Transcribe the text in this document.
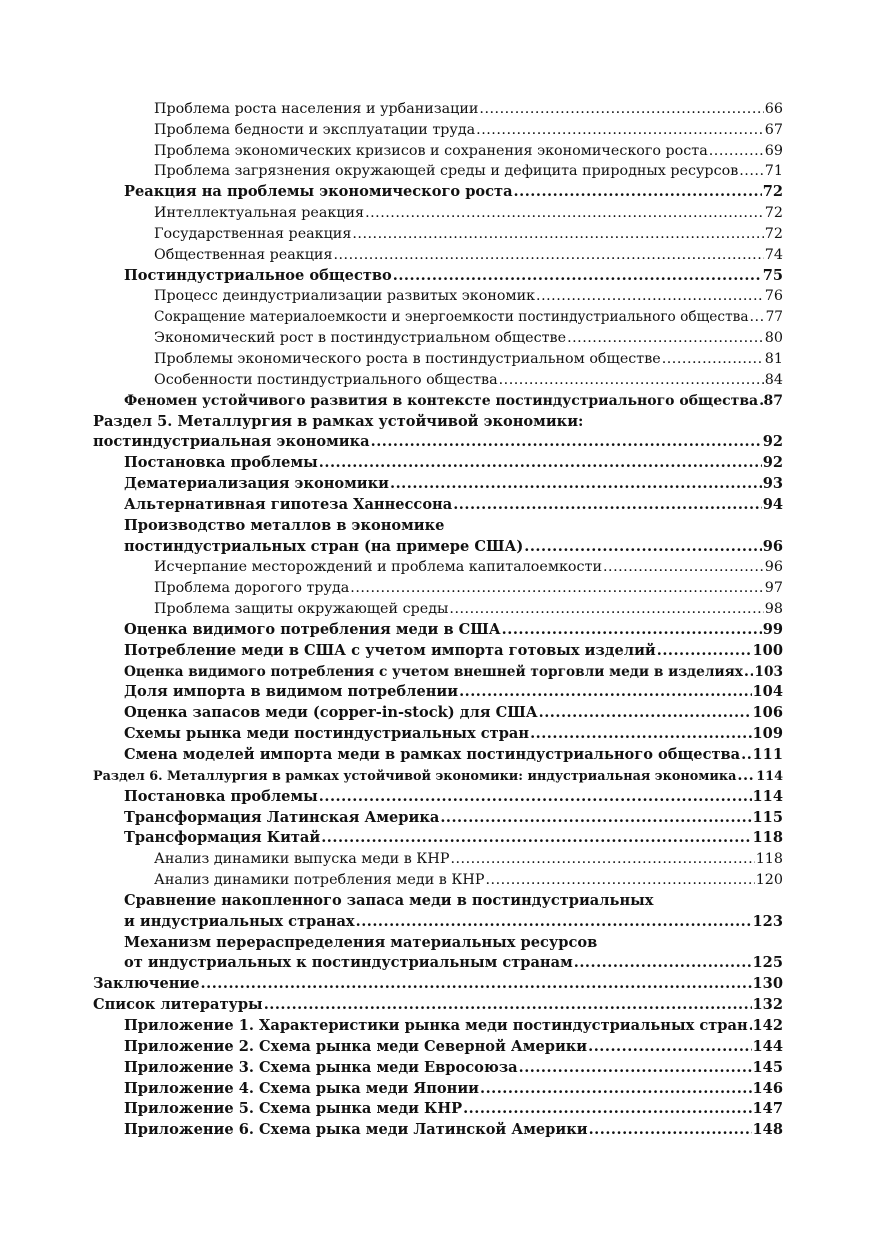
Проблема роста населения и урбанизации .....	66
Проблема бедности и эксплуатации труда .....	67
Проблема экономических кризисов и сохранения экономического роста .....	69
Проблема загрязнения окружающей среды и дефицита природных ресурсов ..... 71
Реакция на проблемы экономического роста .....	72
Интеллектуальная реакция .....	72
Государственная реакция .....	72
Общественная реакция .....	74
Постиндустриальное общество .....	75
Процесс деиндустриализации развитых экономик .....	76
Сокращение материалоемкости и энергоемкости постиндустриального общества ..... 77
Экономический рост в постиндустриальном обществе .....	80
Проблемы экономического роста в постиндустриальном обществе .....	81
Особенности постиндустриального общества .....	84
Феномен устойчивого развития в контексте постиндустриального общества ..... 87
Раздел 5. Металлургия в рамках устойчивой экономики:
постиндустриальная экономика .....	92
Постановка проблемы .....	92
Дематериализация экономики .....	93
Альтернативная гипотеза Ханнессона .....	94
Производство металлов в экономике
постиндустриальных стран (на примере США) .....	96
Исчерпание месторождений и проблема капиталоемкости .....	96
Проблема дорогого труда .....	97
Проблема защиты окружающей среды .....	98
Оценка видимого потребления меди в США .....	99
Потребление меди в США с учетом импорта готовых изделий .....	100
Оценка видимого потребления с учетом внешней торговли меди в изделиях ..... 103
Доля импорта в видимом потреблении .....	104
Оценка запасов меди (copper-in-stock) для США .....	106
Схемы рынка меди постиндустриальных стран .....	109
Смена моделей импорта меди в рамках постиндустриального общества ..... 111
Раздел 6. Металлургия в рамках устойчивой экономики: индустриальная экономика ..... 114
Постановка проблемы .....	114
Трансформация Латинская Америка .....	115
Трансформация Китай .....	118
Анализ динамики выпуска меди в КНР .....	118
Анализ динамики потребления меди в КНР .....	120
Сравнение накопленного запаса меди в постиндустриальных
и индустриальных странах .....	123
Механизм перераспределения материальных ресурсов
от индустриальных к постиндустриальным странам .....	125
Заключение .....	130
Список литературы .....	132
Приложение 1. Характеристики рынка меди постиндустриальных стран ..... 142
Приложение 2. Схема рынка меди Северной Америки .....	144
Приложение 3. Схема рынка меди Евросоюза .....	145
Приложение 4. Схема рыка меди Японии .....	146
Приложение 5. Схема рынка меди КНР .....	147
Приложение 6. Схема рыка меди Латинской Америки .....	148
